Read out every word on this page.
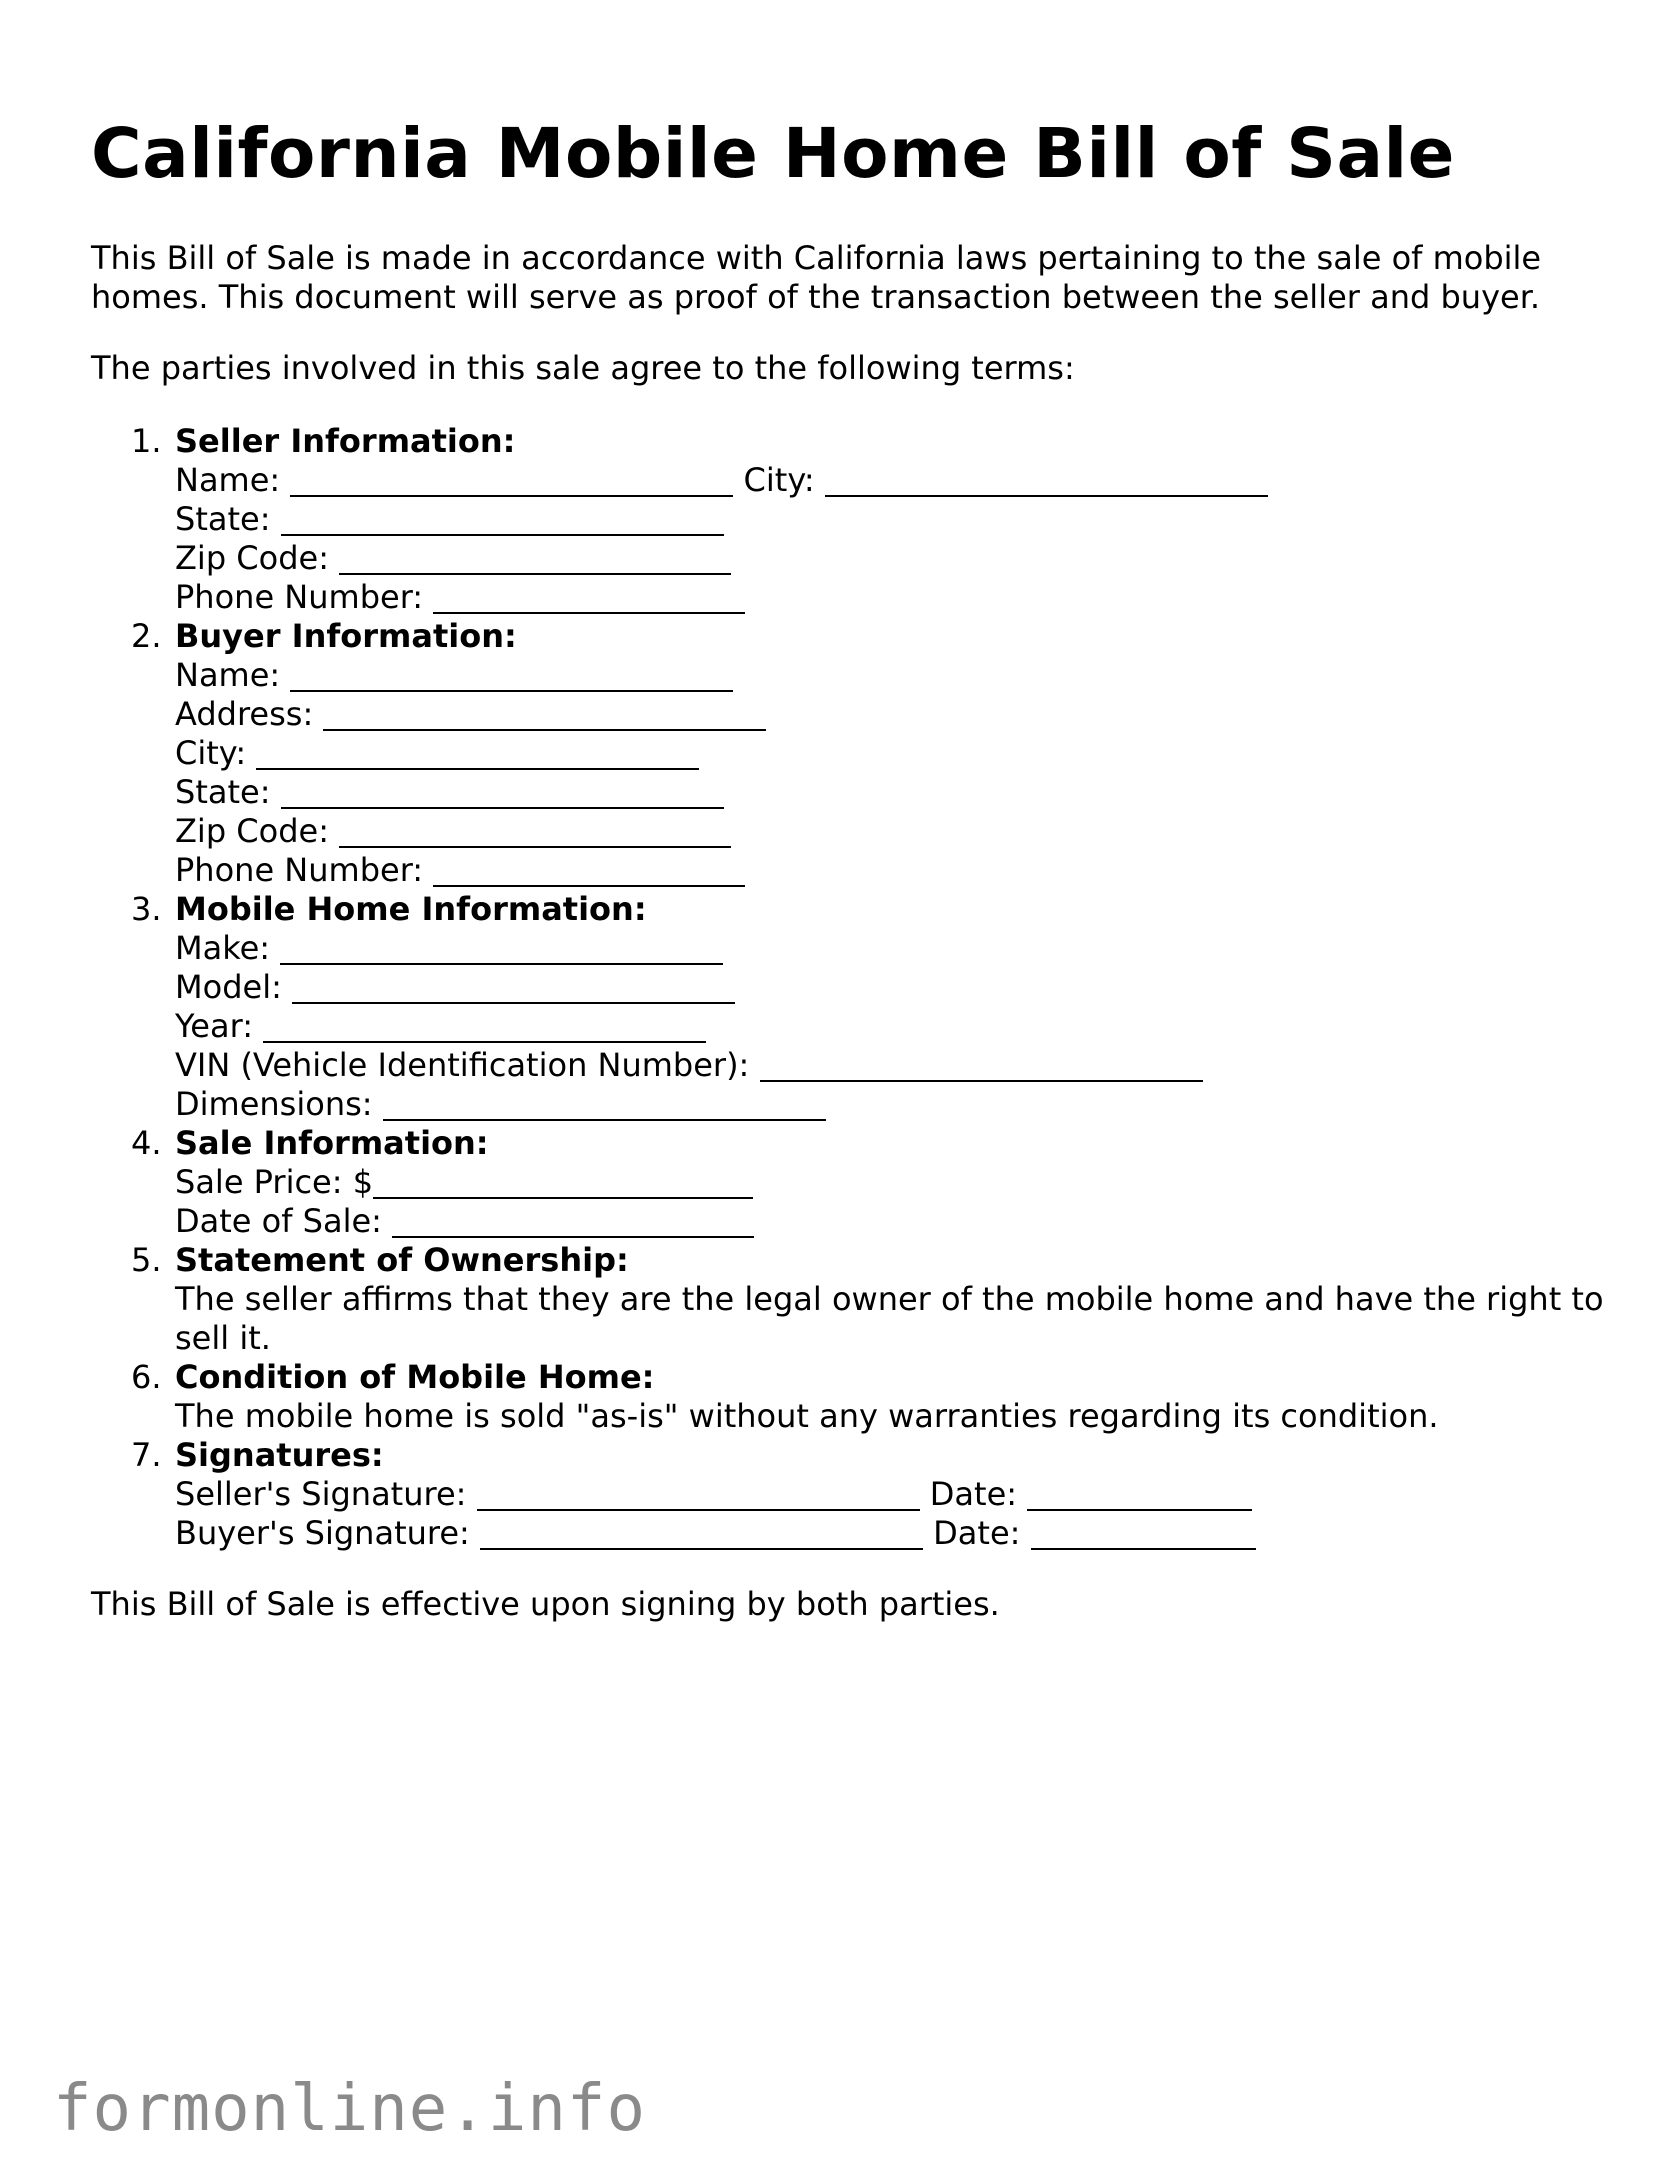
California Mobile Home Bill of Sale

This Bill of Sale is made in accordance with California laws pertaining to the sale of mobile homes. This document will serve as proof of the transaction between the seller and buyer.

The parties involved in this sale agree to the following terms:

1. Seller Information:
Name:	City:
State:
Zip Code:
Phone Number:
2. Buyer Information:
Name:
Address:
City:
State:
Zip Code:
Phone Number:
3. Mobile Home Information:
Make:
Model:
Year:
VIN (Vehicle Identification Number):
Dimensions:
4. Sale Information:
Sale Price: $
Date of Sale:
5. Statement of Ownership:
The seller affirms that they are the legal owner of the mobile home and have the right to sell it.
6. Condition of Mobile Home:
The mobile home is sold "as-is" without any warranties regarding its condition.
7. Signatures:
Seller's Signature:	Date:
Buyer's Signature:	Date:

This Bill of Sale is effective upon signing by both parties.

formonline.info
